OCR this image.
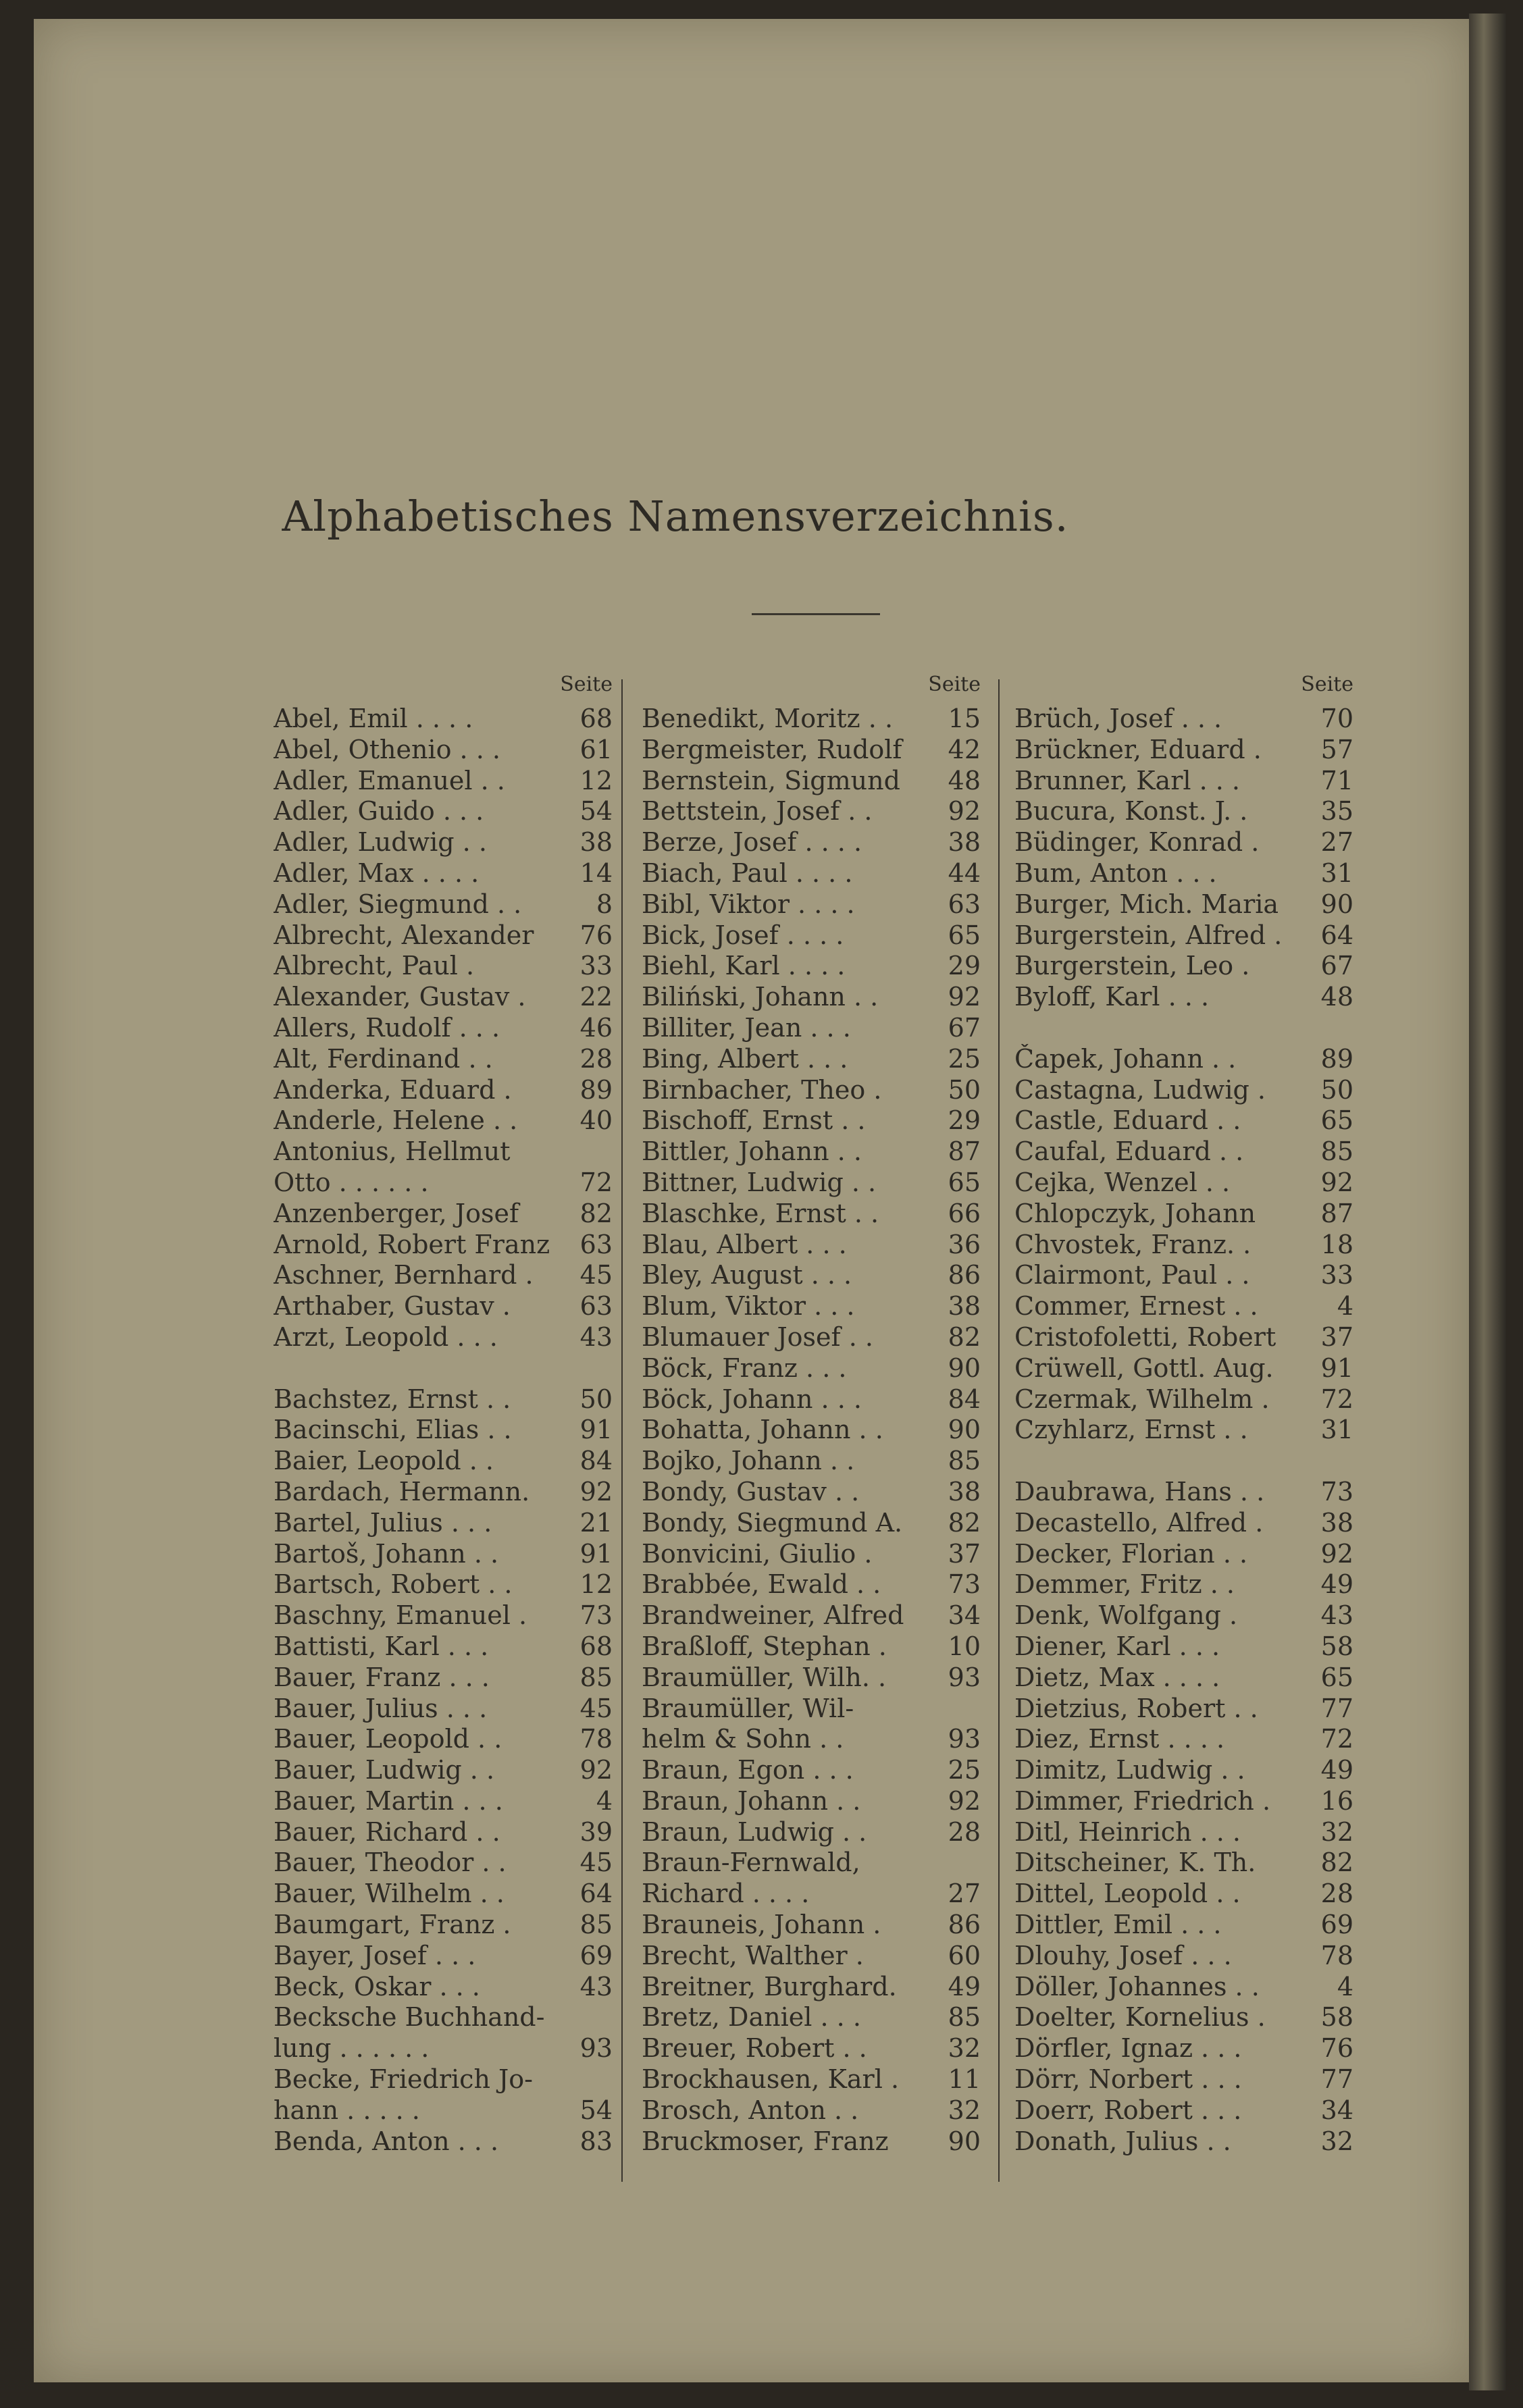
Alphabetisches Namensverzeichnis.
Seite
Abel, Emil . . . .	68
Abel, Othenio . . .	61
Adler, Emanuel . .	12
Adler, Guido . . .	54
Adler, Ludwig . .	38
Adler, Max . . . .	14
Adler, Siegmund . .	8
Albrecht, Alexander	76
Albrecht, Paul .	33
Alexander, Gustav .	22
Allers, Rudolf . . .	46
Alt, Ferdinand . .	28
Anderka, Eduard .	89
Anderle, Helene . .	40
Antonius, Hellmut
Otto . . . . . .	72
Anzenberger, Josef	82
Arnold, Robert Franz	63
Aschner, Bernhard .	45
Arthaber, Gustav .	63
Arzt, Leopold . . .	43
Bachstez, Ernst . .	50
Bacinschi, Elias . .	91
Baier, Leopold . .	84
Bardach, Hermann.	92
Bartel, Julius . . .	21
Bartoš, Johann . .	91
Bartsch, Robert . .	12
Baschny, Emanuel .	73
Battisti, Karl . . .	68
Bauer, Franz . . .	85
Bauer, Julius . . .	45
Bauer, Leopold . .	78
Bauer, Ludwig . .	92
Bauer, Martin . . .	4
Bauer, Richard . .	39
Bauer, Theodor . .	45
Bauer, Wilhelm . .	64
Baumgart, Franz .	85
Bayer, Josef . . .	69
Beck, Oskar . . .	43
Becksche Buchhand-
lung . . . . . .	93
Becke, Friedrich Jo-
hann . . . . .	54
Benda, Anton . . .	83
Seite
Benedikt, Moritz . .	15
Bergmeister, Rudolf	42
Bernstein, Sigmund	48
Bettstein, Josef . .	92
Berze, Josef . . . .	38
Biach, Paul . . . .	44
Bibl, Viktor . . . .	63
Bick, Josef . . . .	65
Biehl, Karl . . . .	29
Biliński, Johann . .	92
Billiter, Jean . . .	67
Bing, Albert . . .	25
Birnbacher, Theo .	50
Bischoff, Ernst . .	29
Bittler, Johann . .	87
Bittner, Ludwig . .	65
Blaschke, Ernst . .	66
Blau, Albert . . .	36
Bley, August . . .	86
Blum, Viktor . . .	38
Blumauer Josef . .	82
Böck, Franz . . .	90
Böck, Johann . . .	84
Bohatta, Johann . .	90
Bojko, Johann . .	85
Bondy, Gustav . .	38
Bondy, Siegmund A.	82
Bonvicini, Giulio .	37
Brabbée, Ewald . .	73
Brandweiner, Alfred	34
Braßloff, Stephan .	10
Braumüller, Wilh. .	93
Braumüller, Wil-
helm & Sohn . .	93
Braun, Egon . . .	25
Braun, Johann . .	92
Braun, Ludwig . .	28
Braun-Fernwald,
Richard . . . .	27
Brauneis, Johann .	86
Brecht, Walther .	60
Breitner, Burghard.	49
Bretz, Daniel . . .	85
Breuer, Robert . .	32
Brockhausen, Karl .	11
Brosch, Anton . .	32
Bruckmoser, Franz	90
Seite
Brüch, Josef . . .	70
Brückner, Eduard .	57
Brunner, Karl . . .	71
Bucura, Konst. J. .	35
Büdinger, Konrad .	27
Bum, Anton . . .	31
Burger, Mich. Maria	90
Burgerstein, Alfred .	64
Burgerstein, Leo .	67
Byloff, Karl . . .	48
Čapek, Johann . .	89
Castagna, Ludwig .	50
Castle, Eduard . .	65
Caufal, Eduard . .	85
Cejka, Wenzel . .	92
Chlopczyk, Johann	87
Chvostek, Franz. .	18
Clairmont, Paul . .	33
Commer, Ernest . .	4
Cristofoletti, Robert	37
Crüwell, Gottl. Aug.	91
Czermak, Wilhelm .	72
Czyhlarz, Ernst . .	31
Daubrawa, Hans . .	73
Decastello, Alfred .	38
Decker, Florian . .	92
Demmer, Fritz . .	49
Denk, Wolfgang .	43
Diener, Karl . . .	58
Dietz, Max . . . .	65
Dietzius, Robert . .	77
Diez, Ernst . . . .	72
Dimitz, Ludwig . .	49
Dimmer, Friedrich .	16
Ditl, Heinrich . . .	32
Ditscheiner, K. Th.	82
Dittel, Leopold . .	28
Dittler, Emil . . .	69
Dlouhy, Josef . . .	78
Döller, Johannes . .	4
Doelter, Kornelius .	58
Dörfler, Ignaz . . .	76
Dörr, Norbert . . .	77
Doerr, Robert . . .	34
Donath, Julius . .	32
